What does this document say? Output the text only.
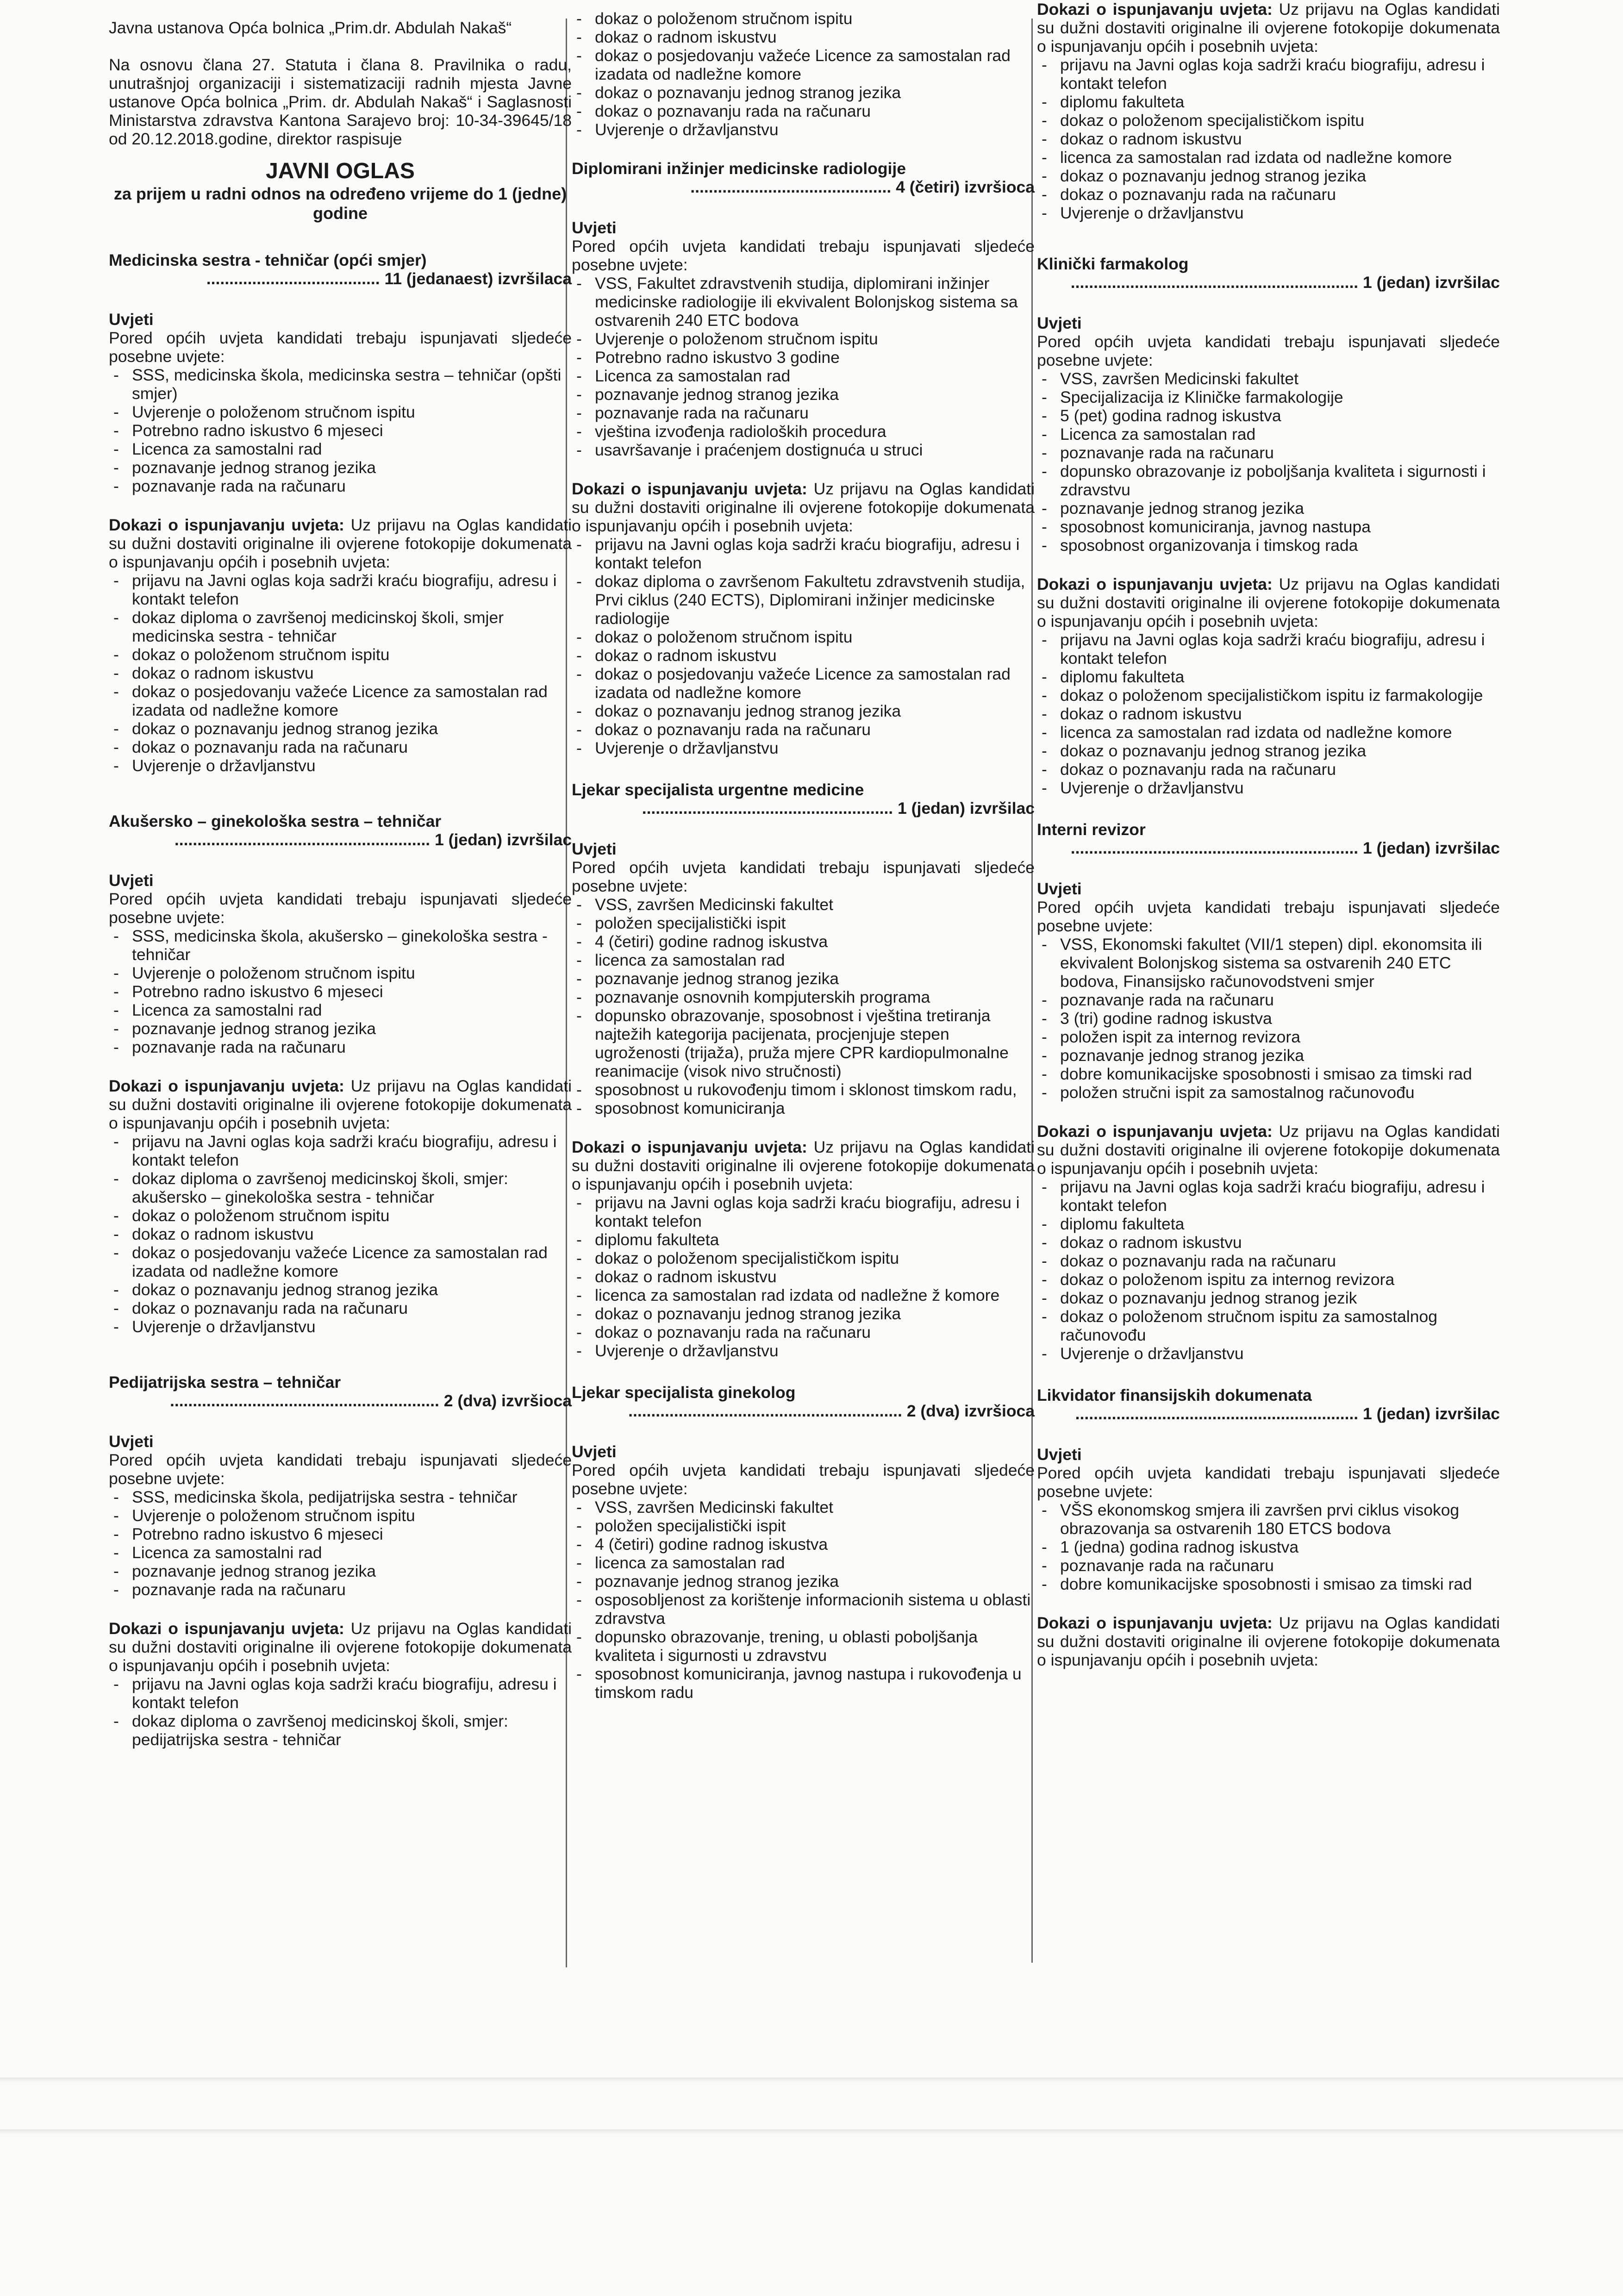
Javna ustanova Opća bolnica „Prim.dr. Abdulah Nakaš“

Na osnovu člana 27. Statuta i člana 8. Pravilnika o radu, unutrašnjoj organizaciji i sistematizaciji radnih mjesta Javne ustanove Opća bolnica „Prim. dr. Abdulah Nakaš“ i Saglasnosti Ministarstva zdravstva Kantona Sarajevo broj: 10-34-39645/18 od 20.12.2018.godine, direktor raspisuje

JAVNI OGLAS
za prijem u radni odnos na određeno vrijeme do 1 (jedne) godine
Medicinska sestra - tehničar (opći smjer)
...................................... 11 (jedanaest) izvršilaca
Uvjeti

Pored općih uvjeta kandidati trebaju ispunjavati sljedeće posebne uvjete:

- SSS, medicinska škola, medicinska sestra – tehničar (opšti smjer)
- Uvjerenje o položenom stručnom ispitu
- Potrebno radno iskustvo 6 mjeseci
- Licenca za samostalni rad
- poznavanje jednog stranog jezika
- poznavanje rada na računaru

Dokazi o ispunjavanju uvjeta: Uz prijavu na Oglas kandidati su dužni dostaviti originalne ili ovjerene fotokopije dokumenata o ispunjavanju općih i posebnih uvjeta:

- prijavu na Javni oglas koja sadrži kraću biografiju, adresu i kontakt telefon
- dokaz diploma o završenoj medicinskoj školi, smjer medicinska sestra - tehničar
- dokaz o položenom stručnom ispitu
- dokaz o radnom iskustvu
- dokaz o posjedovanju važeće Licence za samostalan rad izadata od nadležne komore
- dokaz o poznavanju jednog stranog jezika
- dokaz o poznavanju rada na računaru
- Uvjerenje o državljanstvu
Akušersko – ginekološka sestra – tehničar
........................................................ 1 (jedan) izvršilac
Uvjeti

Pored općih uvjeta kandidati trebaju ispunjavati sljedeće posebne uvjete:

- SSS, medicinska škola, akušersko – ginekološka sestra - tehničar
- Uvjerenje o položenom stručnom ispitu
- Potrebno radno iskustvo 6 mjeseci
- Licenca za samostalni rad
- poznavanje jednog stranog jezika
- poznavanje rada na računaru

Dokazi o ispunjavanju uvjeta: Uz prijavu na Oglas kandidati su dužni dostaviti originalne ili ovjerene fotokopije dokumenata o ispunjavanju općih i posebnih uvjeta:

- prijavu na Javni oglas koja sadrži kraću biografiju, adresu i kontakt telefon
- dokaz diploma o završenoj medicinskoj školi, smjer: akušersko – ginekološka sestra - tehničar
- dokaz o položenom stručnom ispitu
- dokaz o radnom iskustvu
- dokaz o posjedovanju važeće Licence za samostalan rad izadata od nadležne komore
- dokaz o poznavanju jednog stranog jezika
- dokaz o poznavanju rada na računaru
- Uvjerenje o državljanstvu
Pedijatrijska sestra – tehničar
........................................................... 2 (dva) izvršioca
Uvjeti

Pored općih uvjeta kandidati trebaju ispunjavati sljedeće posebne uvjete:

- SSS, medicinska škola, pedijatrijska sestra - tehničar
- Uvjerenje o položenom stručnom ispitu
- Potrebno radno iskustvo 6 mjeseci
- Licenca za samostalni rad
- poznavanje jednog stranog jezika
- poznavanje rada na računaru

Dokazi o ispunjavanju uvjeta: Uz prijavu na Oglas kandidati su dužni dostaviti originalne ili ovjerene fotokopije dokumenata o ispunjavanju općih i posebnih uvjeta:

- prijavu na Javni oglas koja sadrži kraću biografiju, adresu i kontakt telefon
- dokaz diploma o završenoj medicinskoj školi, smjer: pedijatrijska sestra - tehničar
- dokaz o položenom stručnom ispitu
- dokaz o radnom iskustvu
- dokaz o posjedovanju važeće Licence za samostalan rad izadata od nadležne komore
- dokaz o poznavanju jednog stranog jezika
- dokaz o poznavanju rada na računaru
- Uvjerenje o državljanstvu
Diplomirani inžinjer medicinske radiologije
............................................ 4 (četiri) izvršioca
Uvjeti

Pored općih uvjeta kandidati trebaju ispunjavati sljedeće posebne uvjete:

- VSS, Fakultet zdravstvenih studija, diplomirani inžinjer medicinske radiologije ili ekvivalent Bolonjskog sistema sa ostvarenih 240 ETC bodova
- Uvjerenje o položenom stručnom ispitu
- Potrebno radno iskustvo 3 godine
- Licenca za samostalan rad
- poznavanje jednog stranog jezika
- poznavanje rada na računaru
- vještina izvođenja radioloških procedura
- usavršavanje i praćenjem dostignuća u struci

Dokazi o ispunjavanju uvjeta: Uz prijavu na Oglas kandidati su dužni dostaviti originalne ili ovjerene fotokopije dokumenata o ispunjavanju općih i posebnih uvjeta:

- prijavu na Javni oglas koja sadrži kraću biografiju, adresu i kontakt telefon
- dokaz diploma o završenom Fakultetu zdravstvenih studija, Prvi ciklus (240 ECTS), Diplomirani inžinjer medicinske radiologije
- dokaz o položenom stručnom ispitu
- dokaz o radnom iskustvu
- dokaz o posjedovanju važeće Licence za samostalan rad izadata od nadležne komore
- dokaz o poznavanju jednog stranog jezika
- dokaz o poznavanju rada na računaru
- Uvjerenje o državljanstvu
Ljekar specijalista urgentne medicine
....................................................... 1 (jedan) izvršilac
Uvjeti

Pored općih uvjeta kandidati trebaju ispunjavati sljedeće posebne uvjete:

- VSS, završen Medicinski fakultet
- položen specijalistički ispit
- 4 (četiri) godine radnog iskustva
- licenca za samostalan rad
- poznavanje jednog stranog jezika
- poznavanje osnovnih kompjuterskih programa
- dopunsko obrazovanje, sposobnost i vještina tretiranja najtežih kategorija pacijenata, procjenjuje stepen ugroženosti (trijaža), pruža mjere CPR kardiopulmonalne reanimacije (visok nivo stručnosti)
- sposobnost u rukovođenju timom i sklonost timskom radu,
- sposobnost komuniciranja

Dokazi o ispunjavanju uvjeta: Uz prijavu na Oglas kandidati su dužni dostaviti originalne ili ovjerene fotokopije dokumenata o ispunjavanju općih i posebnih uvjeta:

- prijavu na Javni oglas koja sadrži kraću biografiju, adresu i kontakt telefon
- diplomu fakulteta
- dokaz o položenom specijalističkom ispitu
- dokaz o radnom iskustvu
- licenca za samostalan rad izdata od nadležne ž komore
- dokaz o poznavanju jednog stranog jezika
- dokaz o poznavanju rada na računaru
- Uvjerenje o državljanstvu
Ljekar specijalista ginekolog
............................................................ 2 (dva) izvršioca
Uvjeti

Pored općih uvjeta kandidati trebaju ispunjavati sljedeće posebne uvjete:

- VSS, završen Medicinski fakultet
- položen specijalistički ispit
- 4 (četiri) godine radnog iskustva
- licenca za samostalan rad
- poznavanje jednog stranog jezika
- osposobljenost za korištenje informacionih sistema u oblasti zdravstva
- dopunsko obrazovanje, trening, u oblasti poboljšanja kvaliteta i sigurnosti u zdravstvu
- sposobnost komuniciranja, javnog nastupa i rukovođenja u timskom radu

Dokazi o ispunjavanju uvjeta: Uz prijavu na Oglas kandidati su dužni dostaviti originalne ili ovjerene fotokopije dokumenata o ispunjavanju općih i posebnih uvjeta:

- prijavu na Javni oglas koja sadrži kraću biografiju, adresu i kontakt telefon
- diplomu fakulteta
- dokaz o položenom specijalističkom ispitu
- dokaz o radnom iskustvu
- licenca za samostalan rad izdata od nadležne komore
- dokaz o poznavanju jednog stranog jezika
- dokaz o poznavanju rada na računaru
- Uvjerenje o državljanstvu
Klinički farmakolog
............................................................... 1 (jedan) izvršilac
Uvjeti

Pored općih uvjeta kandidati trebaju ispunjavati sljedeće posebne uvjete:

- VSS, završen Medicinski fakultet
- Specijalizacija iz Kliničke farmakologije
- 5 (pet) godina radnog iskustva
- Licenca za samostalan rad
- poznavanje rada na računaru
- dopunsko obrazovanje iz poboljšanja kvaliteta i sigurnosti i zdravstvu
- poznavanje jednog stranog jezika
- sposobnost komuniciranja, javnog nastupa
- sposobnost organizovanja i timskog rada

Dokazi o ispunjavanju uvjeta: Uz prijavu na Oglas kandidati su dužni dostaviti originalne ili ovjerene fotokopije dokumenata o ispunjavanju općih i posebnih uvjeta:

- prijavu na Javni oglas koja sadrži kraću biografiju, adresu i kontakt telefon
- diplomu fakulteta
- dokaz o položenom specijalističkom ispitu iz farmakologije
- dokaz o radnom iskustvu
- licenca za samostalan rad izdata od nadležne komore
- dokaz o poznavanju jednog stranog jezika
- dokaz o poznavanju rada na računaru
- Uvjerenje o državljanstvu
Interni revizor
............................................................... 1 (jedan) izvršilac
Uvjeti

Pored općih uvjeta kandidati trebaju ispunjavati sljedeće posebne uvjete:

- VSS, Ekonomski fakultet (VII/1 stepen) dipl. ekonomsita ili ekvivalent Bolonjskog sistema sa ostvarenih 240 ETC bodova, Finansijsko računovodstveni smjer
- poznavanje rada na računaru
- 3 (tri) godine radnog iskustva
- položen ispit za internog revizora
- poznavanje jednog stranog jezika
- dobre komunikacijske sposobnosti i smisao za timski rad
- položen stručni ispit za samostalnog računovođu

Dokazi o ispunjavanju uvjeta: Uz prijavu na Oglas kandidati su dužni dostaviti originalne ili ovjerene fotokopije dokumenata o ispunjavanju općih i posebnih uvjeta:

- prijavu na Javni oglas koja sadrži kraću biografiju, adresu i kontakt telefon
- diplomu fakulteta
- dokaz o radnom iskustvu
- dokaz o poznavanju rada na računaru
- dokaz o položenom ispitu za internog revizora
- dokaz o poznavanju jednog stranog jezik
- dokaz o položenom stručnom ispitu za samostalnog računovođu
- Uvjerenje o državljanstvu
Likvidator finansijskih dokumenata
.............................................................. 1 (jedan) izvršilac
Uvjeti

Pored općih uvjeta kandidati trebaju ispunjavati sljedeće posebne uvjete:

- VŠS ekonomskog smjera ili završen prvi ciklus visokog obrazovanja sa ostvarenih 180 ETCS bodova
- 1 (jedna) godina radnog iskustva
- poznavanje rada na računaru
- dobre komunikacijske sposobnosti i smisao za timski rad

Dokazi o ispunjavanju uvjeta: Uz prijavu na Oglas kandidati su dužni dostaviti originalne ili ovjerene fotokopije dokumenata o ispunjavanju općih i posebnih uvjeta:
